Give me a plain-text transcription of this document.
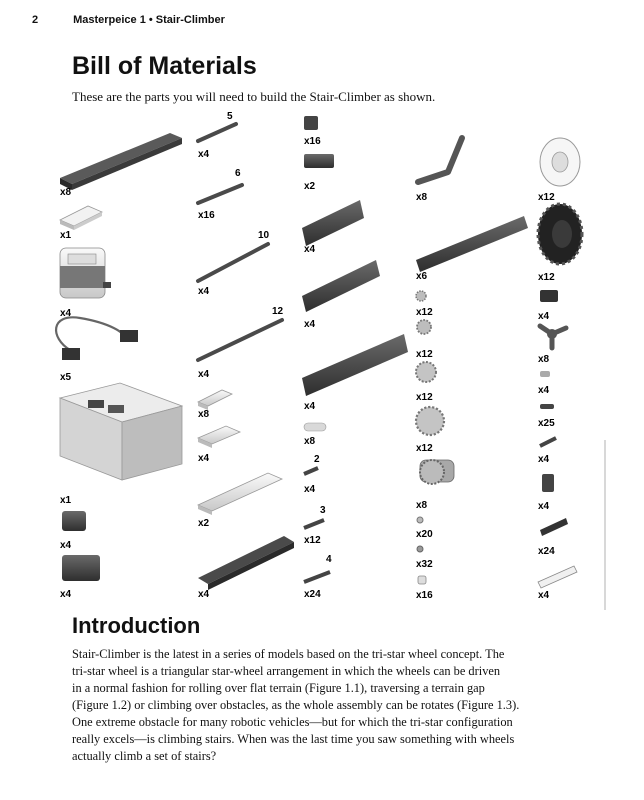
2	Masterpeice 1 • Stair-Climber
Bill of Materials

These are the parts you will need to build the Stair-Climber as shown.

x8
x1
x4
x5
x1
x4
x4
5
6
10
12
x4
x16
x4
x4
x8
x4
x2
x4
2
3
4
x16
x2
x4
x4
x4
x8
x4
x12
x24
x8
x6
x12
x12
x12
x12
x8
x20
x32
x16
x12
x12
x4
x8
x4
x25
x4
x4
x24
x4
Introduction
Stair-Climber is the latest in a series of models based on the tri-star wheel concept. The
tri-star wheel is a triangular star-wheel arrangement in which the wheels can be driven
in a normal fashion for rolling over flat terrain (Figure 1.1), traversing a terrain gap
(Figure 1.2) or climbing over obstacles, as the whole assembly can be rotates (Figure 1.3).
One extreme obstacle for many robotic vehicles—but for which the tri-star configuration
really excels—is climbing stairs. When was the last time you saw something with wheels
actually climb a set of stairs?
